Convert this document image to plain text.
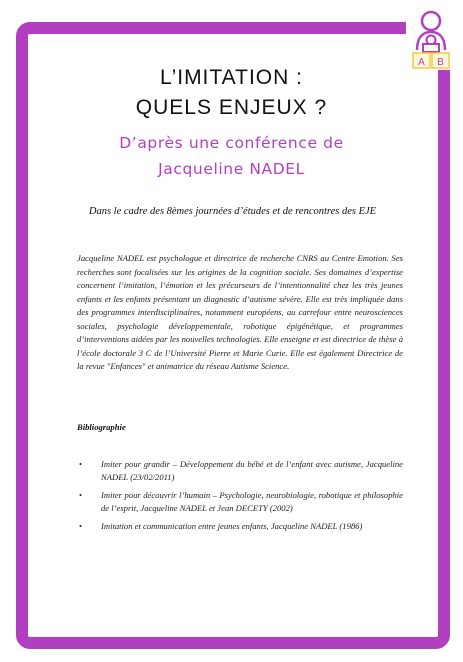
A B
L’IMITATION :
QUELS ENJEUX ?
D’après une conférence de
Jacqueline NADEL
Dans le cadre des 8èmes journées d’études et de rencontres des EJE
Jacqueline NADEL est psychologue et directrice de recherche CNRS au Centre Emotion. Ses recherches sont focalisées sur les origines de la cognition sociale. Ses domaines d’expertise concernent l’imitation, l’émotion et les précurseurs de l’intentionnalité chez les très jeunes enfants et les enfants présentant un diagnostic d’autisme sévère. Elle est très impliquée dans des programmes interdisciplinaires, notamment européens, au carrefour entre neurosciences sociales, psychologie développementale, robotique épigénétique, et programmes d’interventions aidées par les nouvelles technologies. Elle enseigne et est directrice de thèse à l’école doctorale 3 C de l’Université Pierre et Marie Curie. Elle est également Directrice de la revue "Enfances" et animatrice du réseau Autisme Science.
Bibliographie
• Imiter pour grandir – Développement du bébé et de l’enfant avec autisme, Jacqueline NADEL (23/02/2011)
• Imiter pour découvrir l’humain – Psychologie, neurobiologie, robotique et philosophie de l’esprit, Jacqueline NADEL et Jean DECETY (2002)
• Imitation et communication entre jeunes enfants, Jacqueline NADEL (1986)
